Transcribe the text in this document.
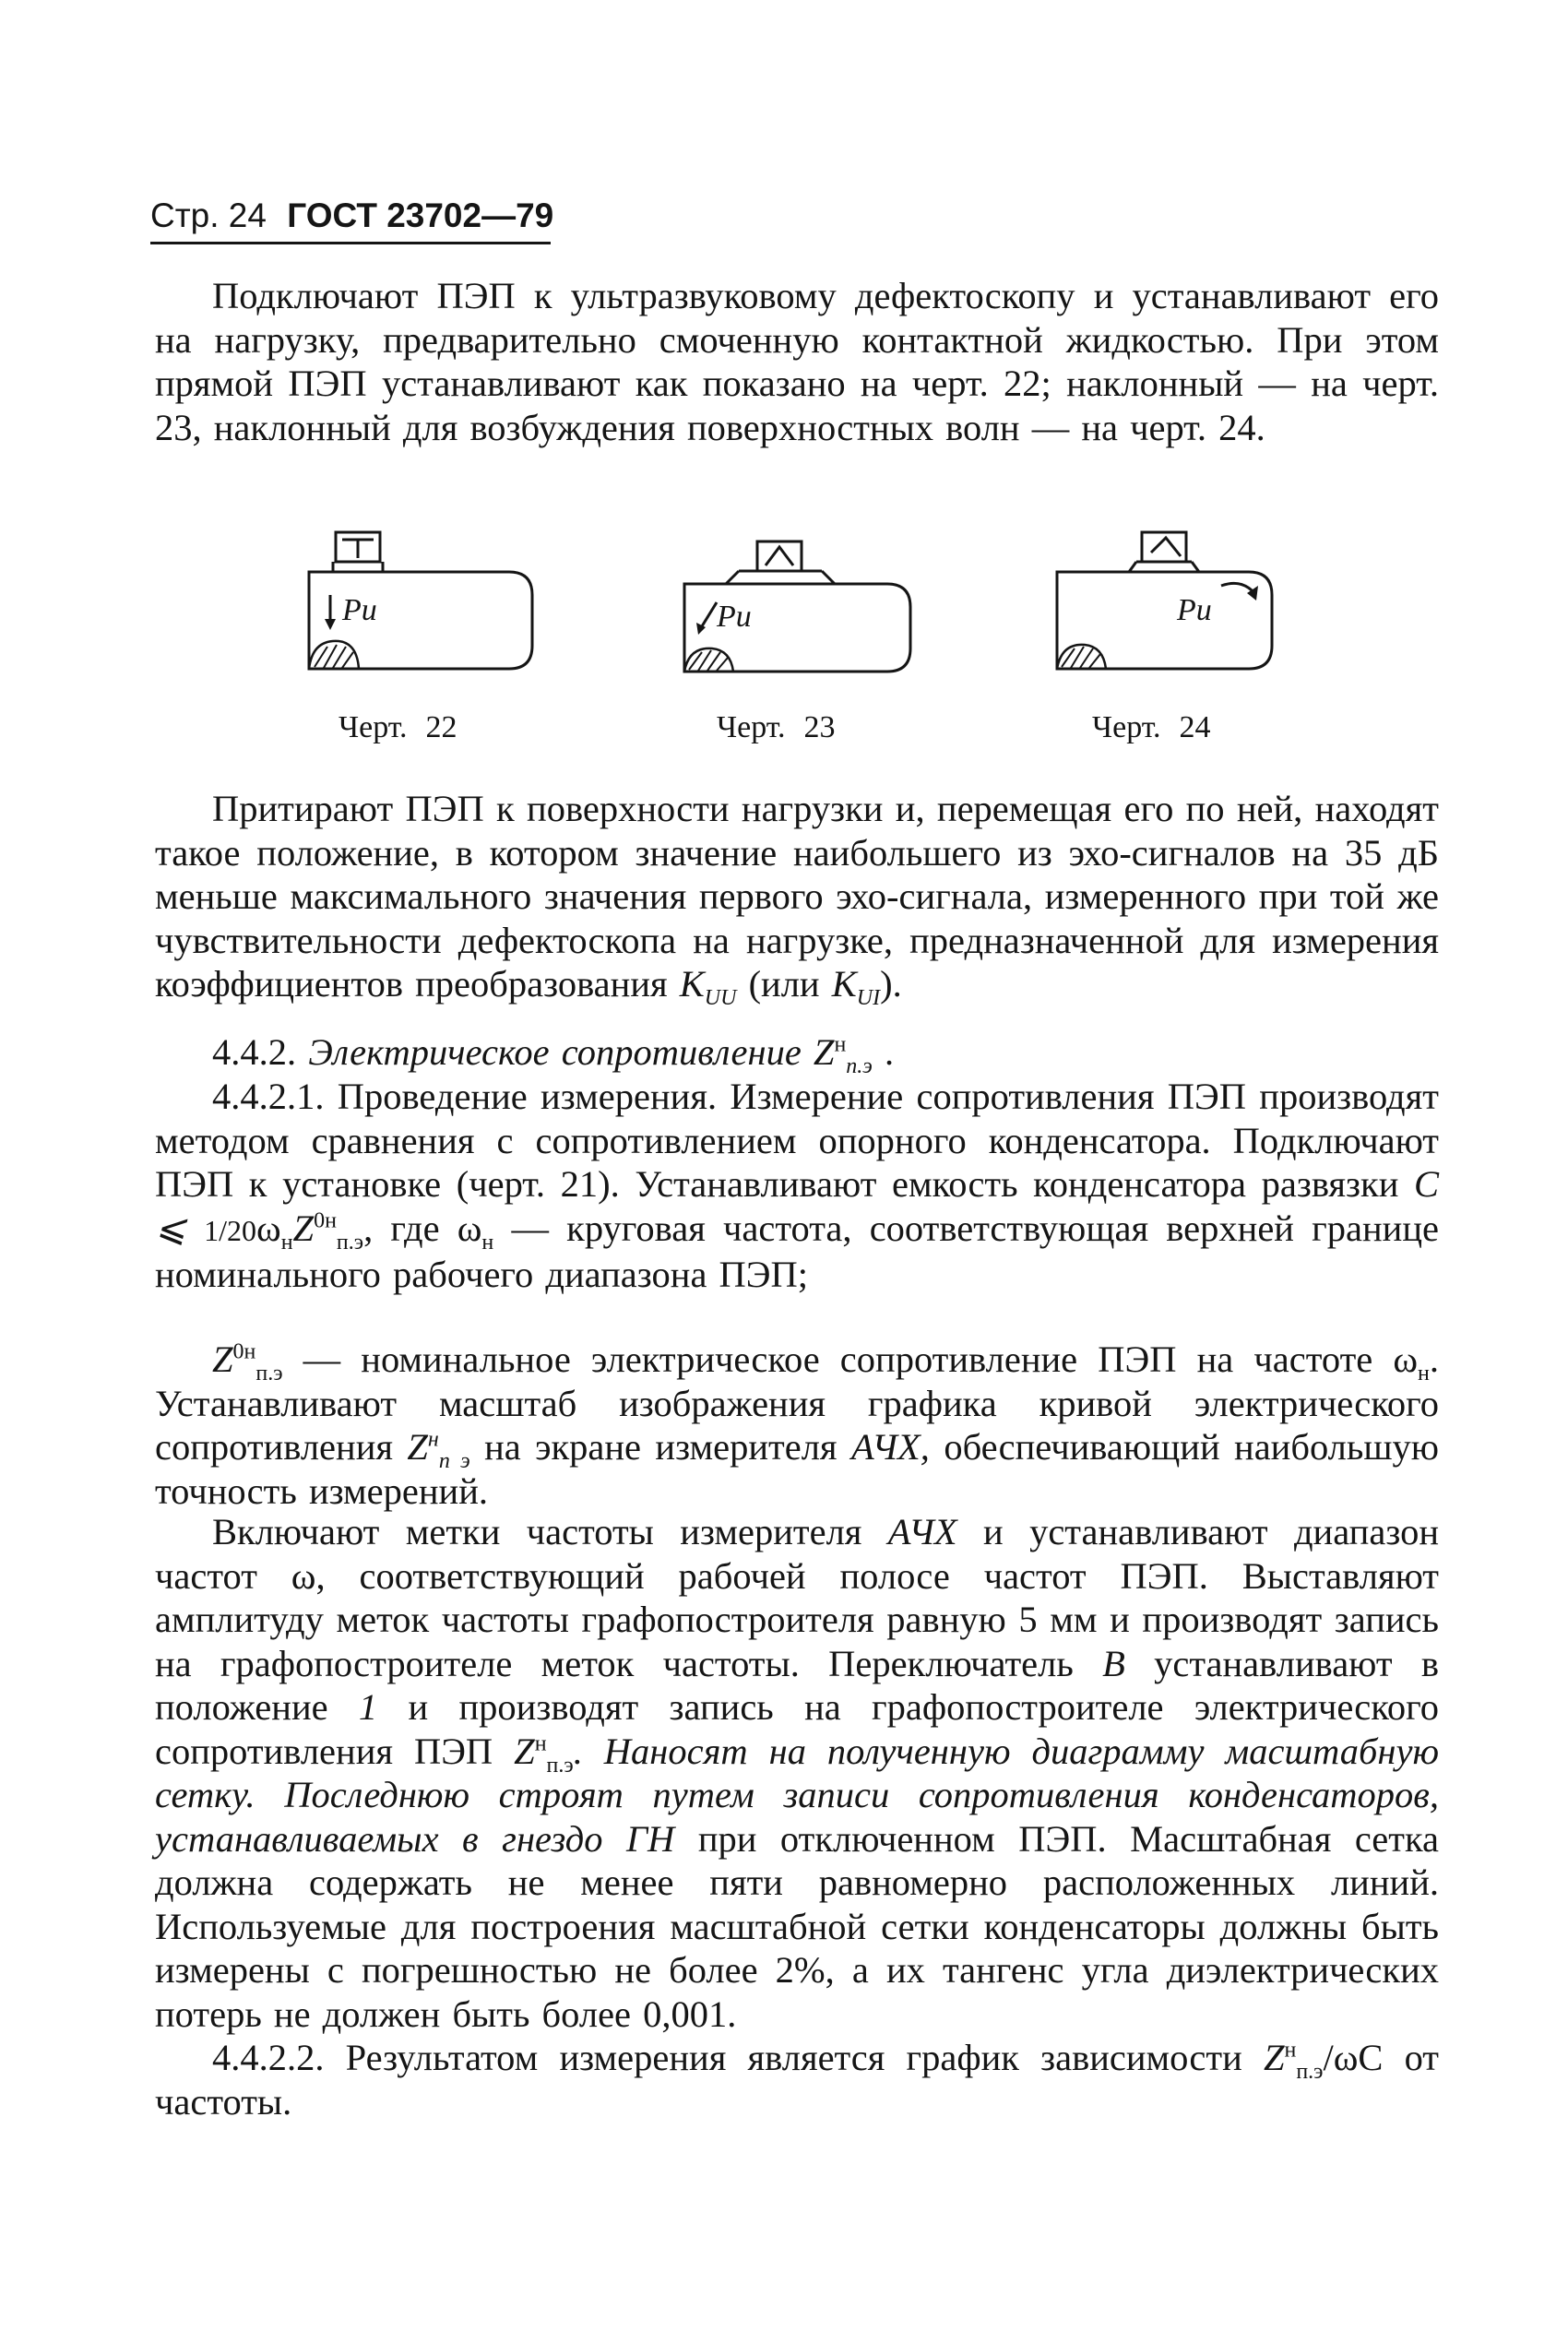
Стр. 24 ГОСТ 23702—79

Подключают ПЭП к ультразвуковому дефектоскопу и устанавливают его на нагрузку, предварительно смоченную контактной жидкостью. При этом прямой ПЭП устанавливают как показано на черт. 22; наклонный — на черт. 23, наклонный для возбуждения поверхностных волн — на черт. 24.

Ри
Черт. 22
Ри
Черт. 23
Ри
Черт. 24

Притирают ПЭП к поверхности нагрузки и, перемещая его по ней, находят такое положение, в котором значение наибольшего из эхо-сигналов на 35 дБ меньше максимального значения первого эхо-сигнала, измеренного при той же чувствительности дефектоскопа на нагрузке, предназначенной для измерения коэффициентов преобразования $K_{UU}$ (или $K_{UI}$).

4.4.2. Электрическое сопротивление $Z^н_{п.э}$ .

4.4.2.1. Проведение измерения. Измерение сопротивления ПЭП производят методом сравнения с сопротивлением опорного конденсатора. Подключают ПЭП к установке (черт. 21). Устанавливают емкость конденсатора развязки C ⩽ $1/20\omega_нZ^{0н}_{п.э}$, где $\omega_н$ — круговая частота, соответствующая верхней границе номинального рабочего диапазона ПЭП;

$Z^{0н}_{п.э}$ — номинальное электрическое сопротивление ПЭП на частоте $\omega_н$. Устанавливают масштаб изображения графика кривой электрического сопротивления $Z^н_{п э}$ на экране измерителя АЧХ, обеспечивающий наибольшую точность измерений.

Включают метки частоты измерителя АЧХ и устанавливают диапазон частот ω, соответствующий рабочей полосе частот ПЭП. Выставляют амплитуду меток частоты графопостроителя равную 5 мм и производят запись на графопостроителе меток частоты. Переключатель В устанавливают в положение 1 и производят запись на графопостроителе электрического сопротивления ПЭП $Z^н_{п.э}$. Наносят на полученную диаграмму масштабную сетку. Последнюю строят путем записи сопротивления конденсаторов, устанавливаемых в гнездо ГН при отключенном ПЭП. Масштабная сетка должна содержать не менее пяти равномерно расположенных линий. Используемые для построения масштабной сетки конденсаторы должны быть измерены с погрешностью не более 2%, а их тангенс угла диэлектрических потерь не должен быть более 0,001.

4.4.2.2. Результатом измерения является график зависимости $Z^н_{п.э}/\omega C$ от частоты.
